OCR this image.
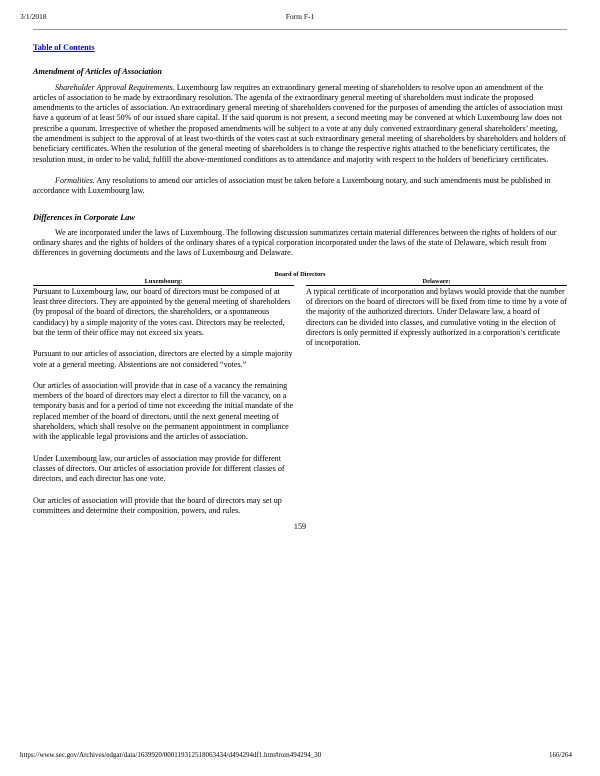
3/1/2018	Form F-1
Table of Contents
Amendment of Articles of Association

Shareholder Approval Requirements. Luxembourg law requires an extraordinary general meeting of shareholders to resolve upon an amendment of the articles of association to be made by extraordinary resolution. The agenda of the extraordinary general meeting of shareholders must indicate the proposed amendments to the articles of association. An extraordinary general meeting of shareholders convened for the purposes of amending the articles of association must have a quorum of at least 50% of our issued share capital. If the said quorum is not present, a second meeting may be convened at which Luxembourg law does not prescribe a quorum. Irrespective of whether the proposed amendments will be subject to a vote at any duly convened extraordinary general shareholders’ meeting, the amendment is subject to the approval of at least two-thirds of the votes cast at such extraordinary general meeting of shareholders by shareholders and holders of beneficiary certificates. When the resolution of the general meeting of shareholders is to change the respective rights attached to the beneficiary certificates, the resolution must, in order to be valid, fulfill the above-mentioned conditions as to attendance and majority with respect to the holders of beneficiary certificates.

Formalities. Any resolutions to amend our articles of association must be taken before a Luxembourg notary, and such amendments must be published in accordance with Luxembourg law.

Differences in Corporate Law

We are incorporated under the laws of Luxembourg. The following discussion summarizes certain material differences between the rights of holders of our ordinary shares and the rights of holders of the ordinary shares of a typical corporation incorporated under the laws of the state of Delaware, which result from differences in governing documents and the laws of Luxembourg and Delaware.

Board of Directors
Luxembourg:

Pursuant to Luxembourg law, our board of directors must be composed of at least three directors. They are appointed by the general meeting of shareholders (by proposal of the board of directors, the shareholders, or a spontaneous candidacy) by a simple majority of the votes cast. Directors may be reelected, but the term of their office may not exceed six years.

Pursuant to our articles of association, directors are elected by a simple majority vote at a general meeting. Abstentions are not considered “votes.”

Our articles of association will provide that in case of a vacancy the remaining members of the board of directors may elect a director to fill the vacancy, on a temporary basis and for a period of time not exceeding the initial mandate of the replaced member of the board of directors, until the next general meeting of shareholders, which shall resolve on the permanent appointment in compliance with the applicable legal provisions and the articles of association.

Under Luxembourg law, our articles of association may provide for different classes of directors. Our articles of association provide for different classes of directors, and each director has one vote.

Our articles of association will provide that the board of directors may set up committees and determine their composition, powers, and rules.

Delaware:

A typical certificate of incorporation and bylaws would provide that the number of directors on the board of directors will be fixed from time to time by a vote of the majority of the authorized directors. Under Delaware law, a board of directors can be divided into classes, and cumulative voting in the election of directors is only permitted if expressly authorized in a corporation’s certificate of incorporation.

159
https://www.sec.gov/Archives/edgar/data/1639920/000119312518063434/d494294df1.htm#rom494294_30	166/264
